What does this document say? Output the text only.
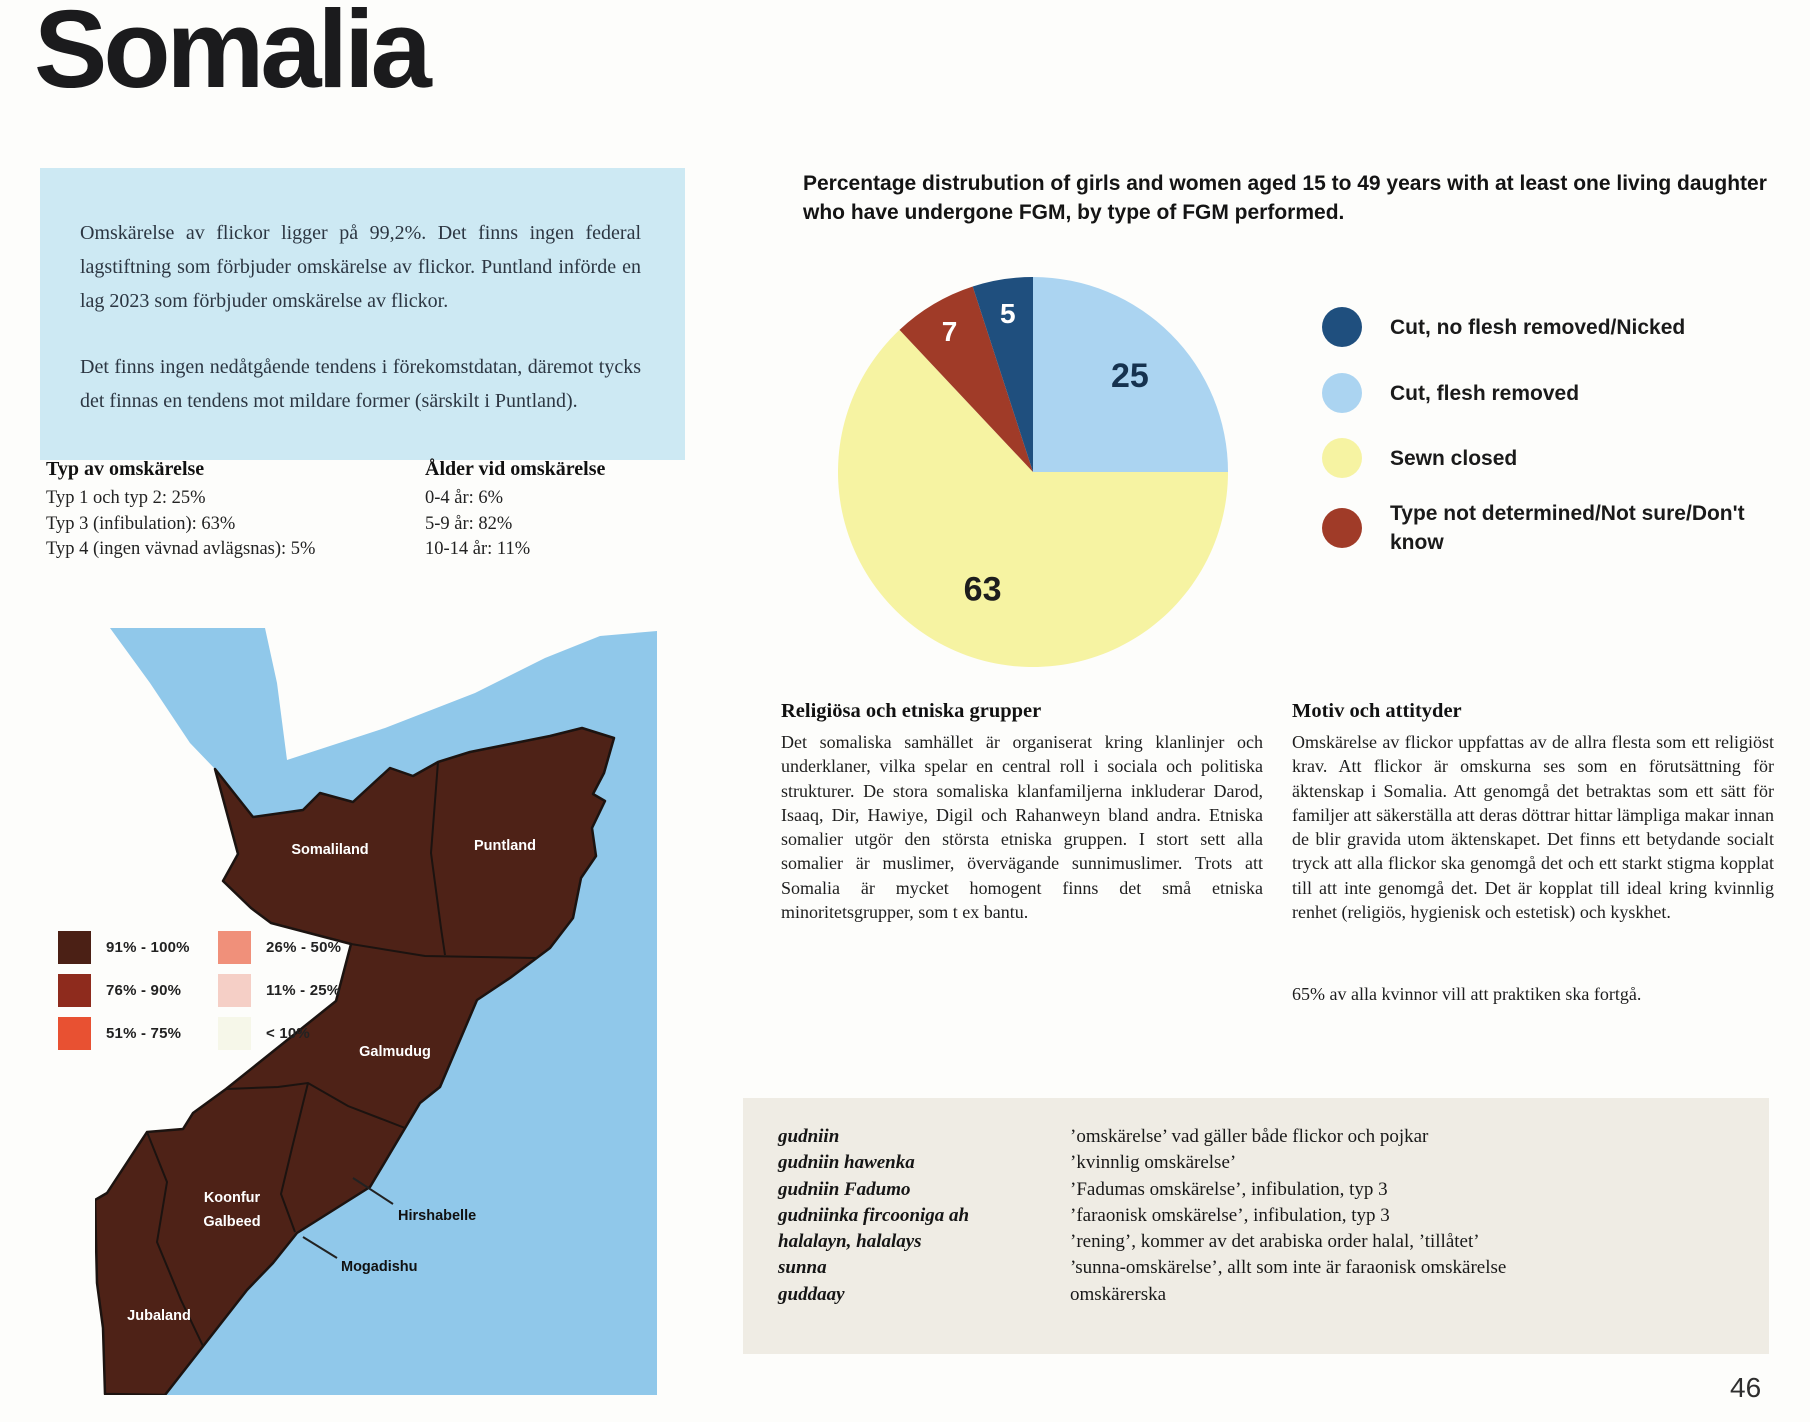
Somalia

Omskärelse av flickor ligger på 99,2%. Det finns ingen federal lagstiftning som förbjuder omskärelse av flickor. Puntland införde en lag 2023 som förbjuder omskärelse av flickor.

Det finns ingen nedåtgående tendens i förekomstdatan, däremot tycks det finnas en tendens mot mildare former (särskilt i Puntland).

Typ av omskärelse
Typ 1 och typ 2: 25%
Typ 3 (infibulation): 63%
Typ 4 (ingen vävnad avlägsnas): 5%
Ålder vid omskärelse
0-4 år: 6%
5-9 år: 82%
10-14 år: 11%
Percentage distrubution of girls and women aged 15 to 49 years with at least one living daughter who have undergone FGM, by type of FGM performed.
25
63
7
5	Cut, no flesh removed/Nicked
Cut, flesh removed
Sewn closed
Type not determined/Not sure/Don't know
Somaliland	Puntland
Galmudug
Koonfur
Galbeed
Jubaland
Hirshabelle
Mogadishu
91% - 100%
76% - 90%
51% - 75%
26% - 50%
11% - 25%
< 10%
Religiösa och etniska grupper

Det somaliska samhället är organiserat kring klanlinjer och underklaner, vilka spelar en central roll i sociala och politiska strukturer. De stora somaliska klanfamiljerna inkluderar Darod, Isaaq, Dir, Hawiye, Digil och Rahanweyn bland andra. Etniska somalier utgör den största etniska gruppen. I stort sett alla somalier är muslimer, övervägande sunnimuslimer. Trots att Somalia är mycket homogent finns det små etniska minoritetsgrupper, som t ex bantu.

Motiv och attityder

Omskärelse av flickor uppfattas av de allra flesta som ett religiöst krav. Att flickor är omskurna ses som en förutsättning för äktenskap i Somalia. Att genomgå det betraktas som ett sätt för familjer att säkerställa att deras döttrar hittar lämpliga makar innan de blir gravida utom äktenskapet. Det finns ett betydande socialt tryck att alla flickor ska genomgå det och ett starkt stigma kopplat till att inte genomgå det. Det är kopplat till ideal kring kvinnlig renhet (religiös, hygienisk och estetisk) och kyskhet.

65% av alla kvinnor vill att praktiken ska fortgå.

gudniin	’omskärelse’ vad gäller både flickor och pojkar
gudniin hawenka	’kvinnlig omskärelse’
gudniin Fadumo	’Fadumas omskärelse’, infibulation, typ 3
gudniinka fircooniga ah	’faraonisk omskärelse’, infibulation, typ 3
halalayn, halalays	’rening’, kommer av det arabiska order halal, ’tillåtet’
sunna	’sunna-omskärelse’, allt som inte är faraonisk omskärelse
guddaay	omskärerska
46
